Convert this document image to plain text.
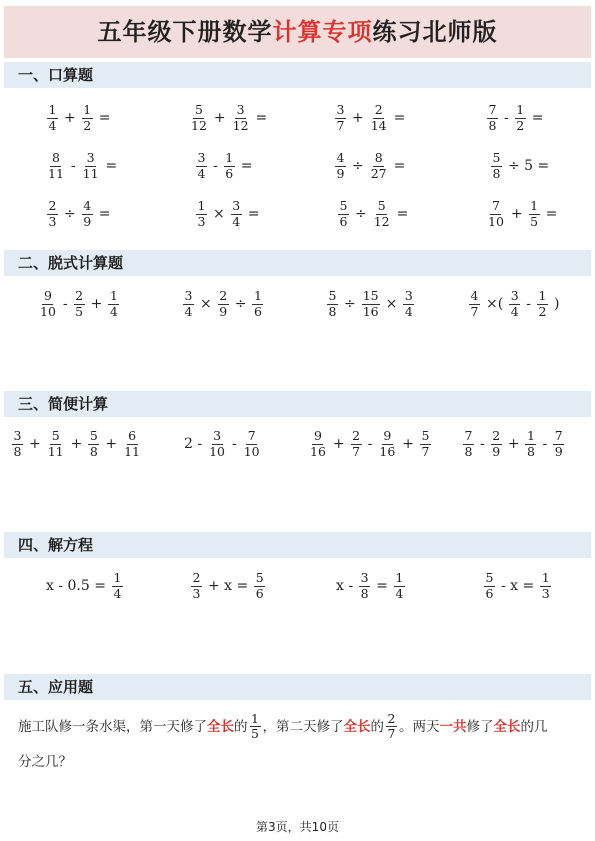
五年级下册数学计算专项练习北师版
一、口算题
$\frac{1}{4} + \frac{1}{2}$ =	$\frac{5}{12} + \frac{3}{12}$ =	$\frac{3}{7} + \frac{2}{14}$ =	$\frac{7}{8} - \frac{1}{2}$ =
$\frac{8}{11} - \frac{3}{11}$ =	$\frac{3}{4} - \frac{1}{6}$ =	$\frac{4}{9} \div \frac{8}{27}$ =	$\frac{5}{8} \div 5$ =
$\frac{2}{3} \div \frac{4}{9}$ =	$\frac{1}{3} \times \frac{3}{4}$ =	$\frac{5}{6} \div \frac{5}{12}$ =	$\frac{7}{10} + \frac{1}{5}$ =
二、脱式计算题
$\frac{9}{10} - \frac{2}{5} + \frac{1}{4}$	$\frac{3}{4} \times \frac{2}{9} \div \frac{1}{6}$	$\frac{5}{8} \div \frac{15}{16} \times \frac{3}{4}$	$\frac{4}{7}$ ×( $\frac{3}{4} - \frac{1}{2}$ )
三、简便计算
$\frac{3}{8} + \frac{5}{11} + \frac{5}{8} + \frac{6}{11}$	$2 - \frac{3}{10} - \frac{7}{10}$	$\frac{9}{16} + \frac{2}{7} - \frac{9}{16} + \frac{5}{7}$	$\frac{7}{8} - \frac{2}{9} + \frac{1}{8} - \frac{7}{9}$
四、解方程
$x - 0.5 = \frac{1}{4}$	$\frac{2}{3} + x = \frac{5}{6}$	$x - \frac{3}{8} = \frac{1}{4}$	$\frac{5}{6} - x = \frac{1}{3}$
五、应用题
施工队修一条水渠，第一天修了全长的 $\frac{1}{5}$ ，第二天修了全长的 $\frac{2}{7}$ 。两天一共修了全长的几
分之几？
第3页，共10页
